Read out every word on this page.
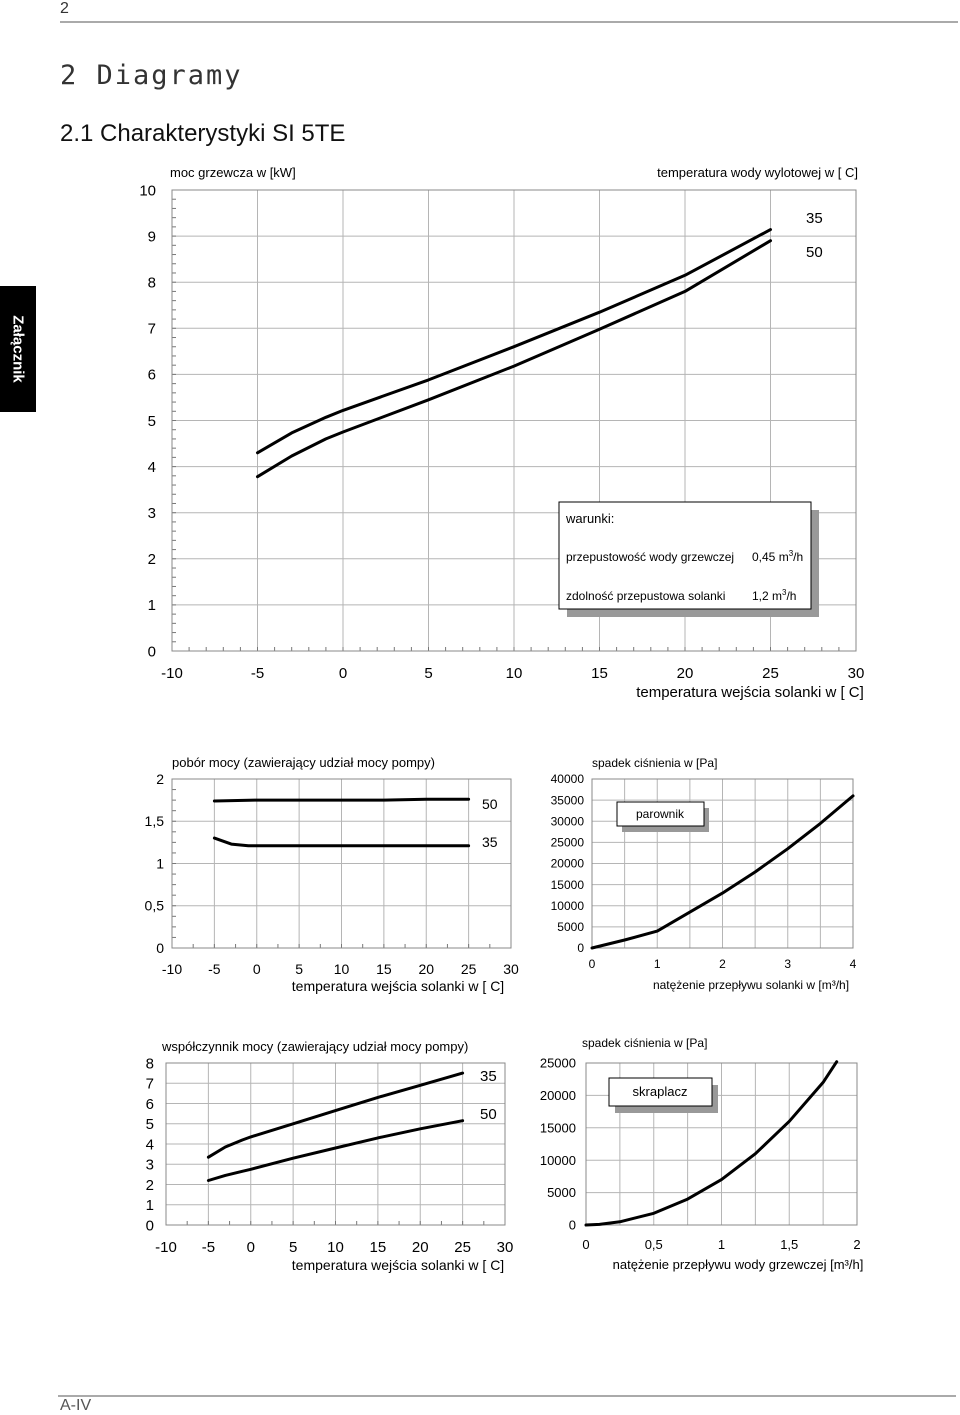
2
2 Diagramy
2.1 Charakterystyki SI 5TE
Załącznik
A-IV
-10	-5	0	5	10	15	20	25	30
0
1
2
3
4
5
6
7
8
9
10
moc grzewcza w [kW]	temperatura wody wylotowej w [ C]
35
50
temperatura wejścia solanki w [ C]
warunki:
przepustowość wody grzewczej 0,45 $m^3/h$
zdolność przepustowa solanki 1,2 $m^3/h$
-10 -5 0 5 10 15 20 25 30
0
0,5
1
1,5
2
pobór mocy (zawierający udział mocy pompy)
50
35
temperatura wejścia solanki w [ C]
0	1	2	3	4
0
5000
10000
15000
20000
25000
30000
35000
40000
spadek ciśnienia w [Pa]
parownik
natężenie przepływu solanki w [m³/h]
-10 -5 0 5 10 15 20 25 30
0
1
2
3
4
5
6
7
8
współczynnik mocy (zawierający udział mocy pompy)
35
50
temperatura wejścia solanki w [ C]
0	0,5	1	1,5	2
0
5000
10000
15000
20000
25000
spadek ciśnienia w [Pa]
skraplacz
natężenie przepływu wody grzewczej [m³/h]
